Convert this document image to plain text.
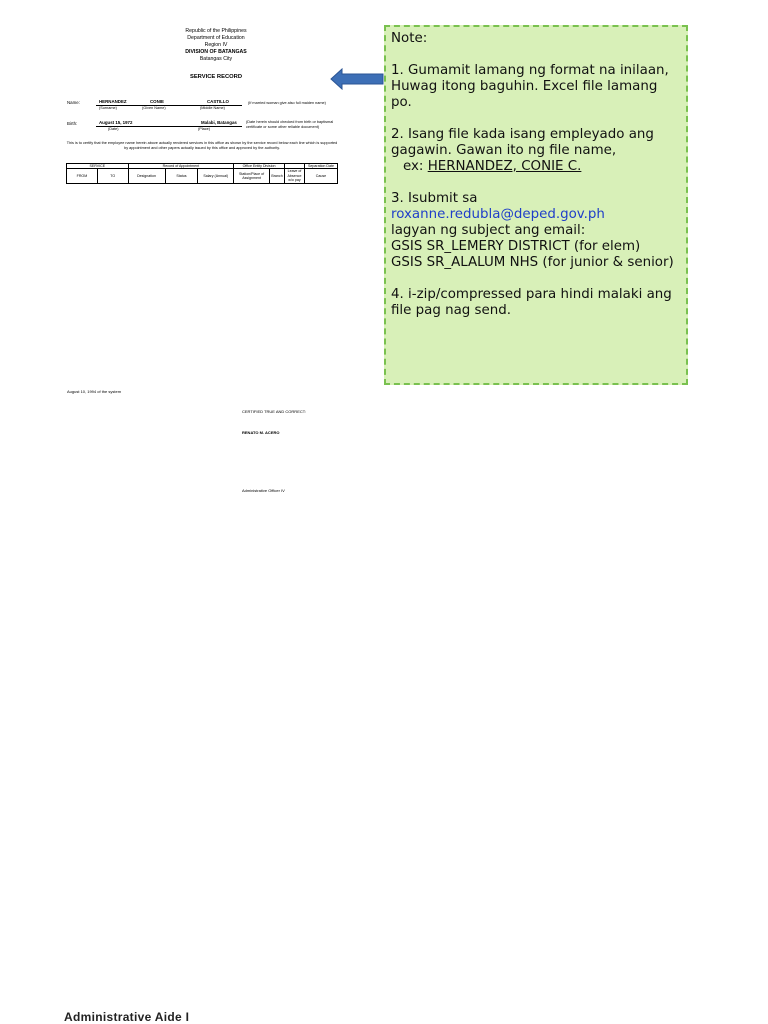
Republic of the Philippines
Department of Education
Region IV
DIVISION OF BATANGAS
Batangas City
SERVICE RECORD
Name:	HERNANDEZ	CONIE	CASTILLO
(Surname)	(Given Name)	(Middle Name)
(If married woman give also full maiden name)
Birth:	August 15, 1972	Malabi, Batangas
(Date)	(Place)
(Date herein should checked from birth or baptismal certificate or some other reliable document)
This is to certify that the employee name herein above actually rendered services in this office as shown by the service record below each line which is supported by appointment and other papers actually issued by this office and approved by the authority.
SERVICE		Record of Appointment			Office Entity Division			Separation Date
FROM	TO	Designation	Status	Salary (Annual)	Station/Place of Assignment	Branch	Leave of Absence w/o pay	Cause
August 10, 1994 of the system
CERTIFIED TRUE AND CORRECT:
RENATO M. ACERO
Administrative Officer IV

Note:

1. Gumamit lamang ng format na inilaan, Huwag itong baguhin. Excel file lamang po.

2. Isang file kada isang empleyado ang gagawin. Gawan ito ng file name,

ex: HERNANDEZ, CONIE C.

3. Isubmit sa roxanne.redubla@deped.gov.ph

lagyan ng subject ang email:

GSIS SR_LEMERY DISTRICT (for elem)

GSIS SR_ALALUM NHS (for junior & senior)

4. i-zip/compressed para hindi malaki ang file pag nag send.

Administrative Aide I
